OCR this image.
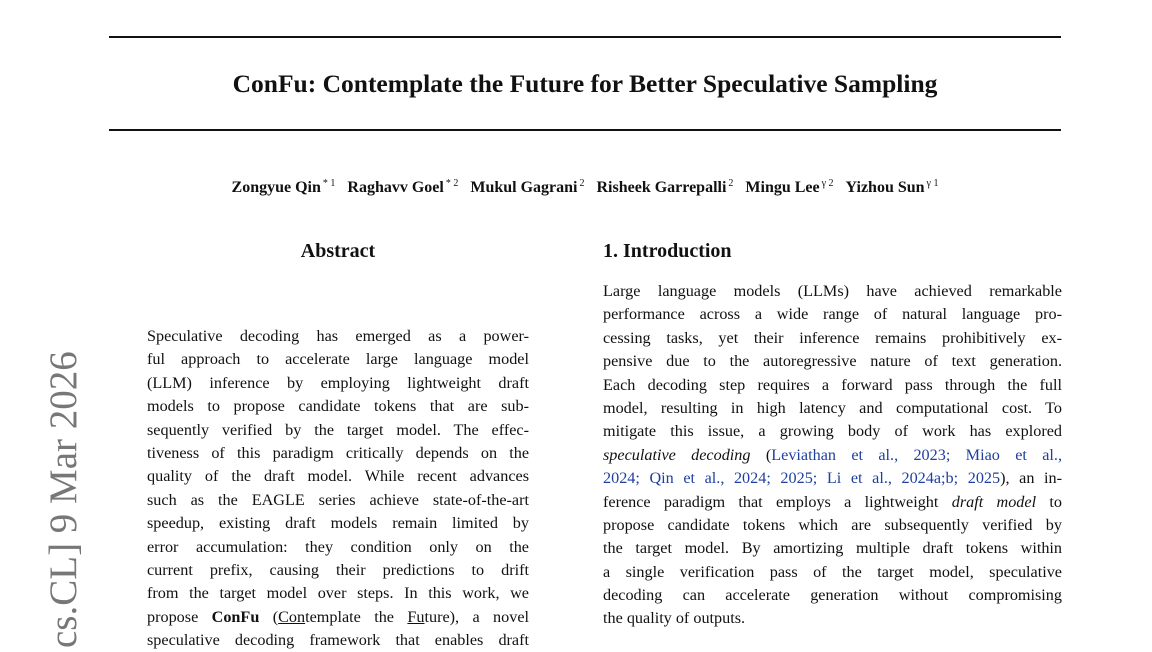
ConFu: Contemplate the Future for Better Speculative Sampling
Zongyue Qin $^{* 1}$ Raghavv Goel $^{* 2}$ Mukul Gagrani $^2$ Risheek Garrepalli $^2$ Mingu Lee $^{\gamma 2}$ Yizhou Sun $^{\gamma 1}$
cs.CL] 9 Mar 2026
Abstract	1. Introduction
Speculative decoding has emerged as a power-
ful approach to accelerate large language model
(LLM) inference by employing lightweight draft
models to propose candidate tokens that are sub-
sequently verified by the target model. The effec-
tiveness of this paradigm critically depends on the
quality of the draft model. While recent advances
such as the EAGLE series achieve state-of-the-art
speedup, existing draft models remain limited by
error accumulation: they condition only on the
current prefix, causing their predictions to drift
from the target model over steps. In this work, we
propose ConFu (Contemplate the Future), a novel
speculative decoding framework that enables draft
Large language models (LLMs) have achieved remarkable
performance across a wide range of natural language pro-
cessing tasks, yet their inference remains prohibitively ex-
pensive due to the autoregressive nature of text generation.
Each decoding step requires a forward pass through the full
model, resulting in high latency and computational cost. To
mitigate this issue, a growing body of work has explored
speculative decoding (Leviathan et al., 2023; Miao et al.,
2024; Qin et al., 2024; 2025; Li et al., 2024a;b; 2025), an in-
ference paradigm that employs a lightweight draft model to
propose candidate tokens which are subsequently verified by
the target model. By amortizing multiple draft tokens within
a single verification pass of the target model, speculative
decoding can accelerate generation without compromising
the quality of outputs.
